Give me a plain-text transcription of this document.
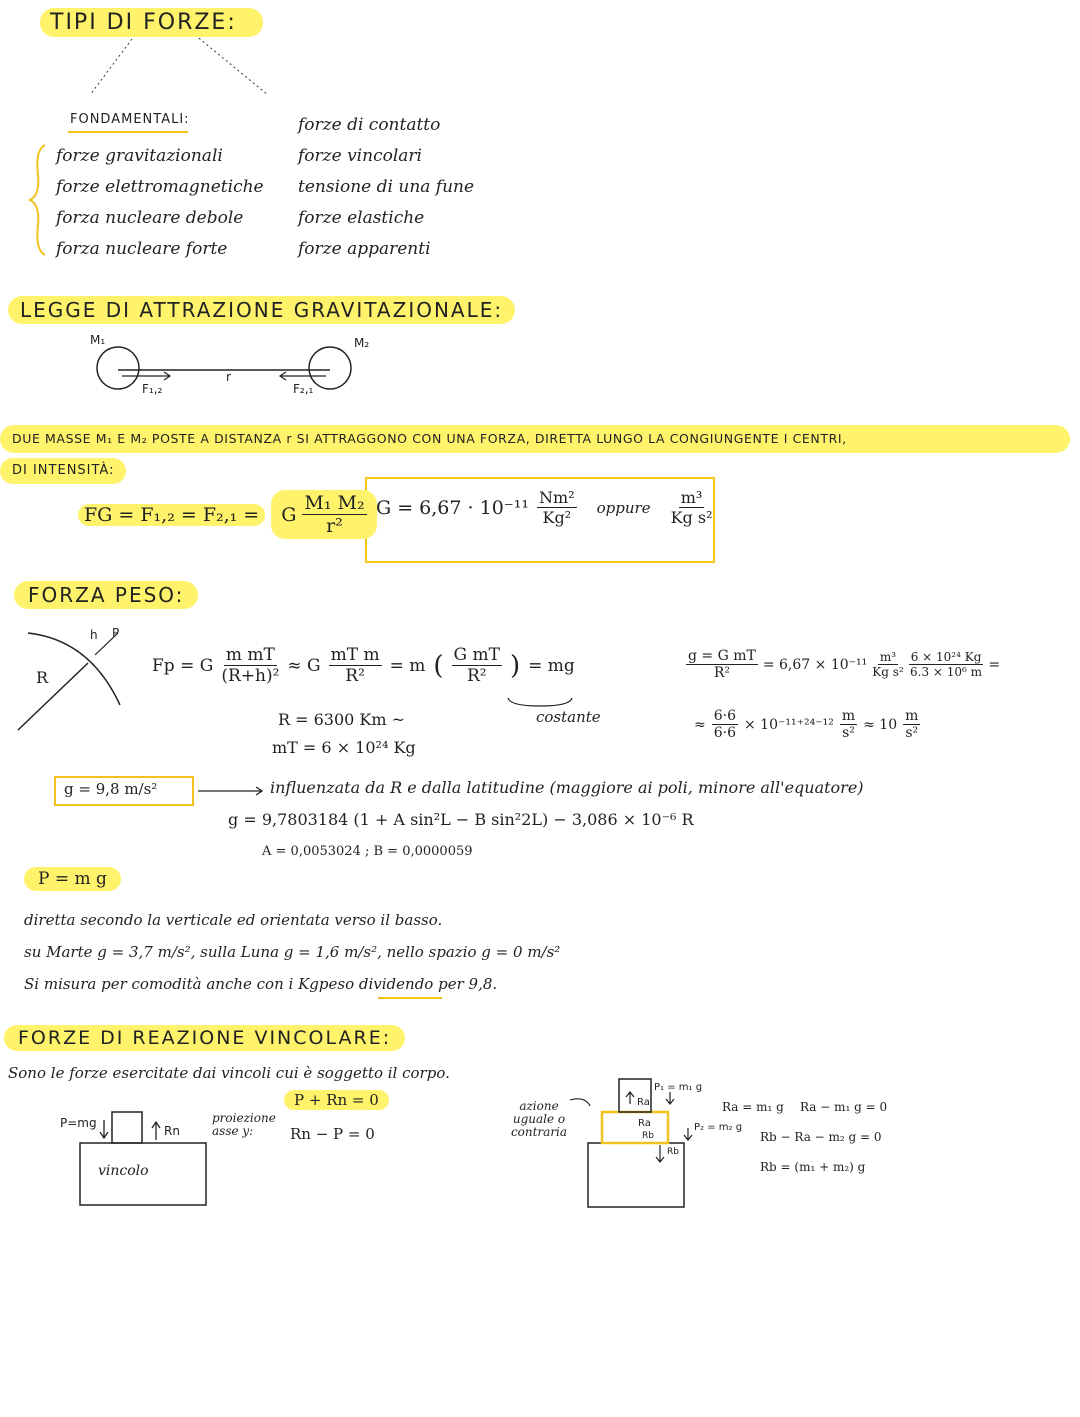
TIPI DI FORZE:
FONDAMENTALI:
forze gravitazionali
forze elettromagnetiche
forza nucleare debole
forza nucleare forte
forze di contatto
forze vincolari
tensione di una fune
forze elastiche
forze apparenti
LEGGE DI ATTRAZIONE GRAVITAZIONALE:
M₁	M₂
F₁,₂	F₂,₁
r
DUE MASSE M₁ E M₂ POSTE A DISTANZA r SI ATTRAGGONO CON UNA FORZA, DIRETTA LUNGO LA CONGIUNGENTE I CENTRI,
DI INTENSITÀ:
FG = F₁,₂ = F₂,₁ =	G $\frac{\text{M₁ M₂}}{\text{r²}}$ $G = 6,67 \cdot 10^{-11} \frac{\text{Nm²}}{\text{Kg²}}$ oppure $\frac{\text{m³}}{\text{Kg s²}}$
FORZA PESO:
h P
R
Fp = G $\frac{\text{m mT}}{\text{(R+h)²}} \approx G \frac{\text{mT m}}{\text{R²}} = m$ ( $\frac{\text{G mT}}{\text{R²}}$ ) = mg
costante
$\frac{\text{g = G mT}}{\text{R²}} = 6,67 \times 10^{-11} \frac{\text{m³}}{\text{Kg s²}} \frac{\text{6 × 10²⁴ Kg}}{\text{6.3 × 10⁶ m}}$ =
≈ $\frac{6\cdot 6}{6\cdot 6} \times 10^{-11+24-12} \frac{m}{\text{s²}} \approx 10 \frac{m}{\text{s²}}$
R = 6300 Km ~
mT = 6 × 10²⁴ Kg
g = 9,8 m/s²	influenzata da R e dalla latitudine (maggiore ai poli, minore all'equatore)
g = 9,7803184 (1 + A sin²L − B sin²2L) − 3,086 × 10⁻⁶ R
A = 0,0053024 ; B = 0,0000059
P = m g
diretta secondo la verticale ed orientata verso il basso.
su Marte g = 3,7 m/s², sulla Luna g = 1,6 m/s², nello spazio g = 0 m/s²
Si misura per comodità anche con i Kgpeso dividendo per 9,8.
FORZE DI REAZIONE VINCOLARE:
Sono le forze esercitate dai vincoli cui è soggetto il corpo.
P=mg
Rn
vincolo
proiezione asse y:
P + Rn = 0
Rn − P = 0
azione uguale o contraria
P₁ = m₁ g
Ra
Ra
Rb
Rb
P₂ = m₂ g
Ra = m₁ g Ra − m₁ g = 0
Rb − Ra − m₂ g = 0
Rb = (m₁ + m₂) g
